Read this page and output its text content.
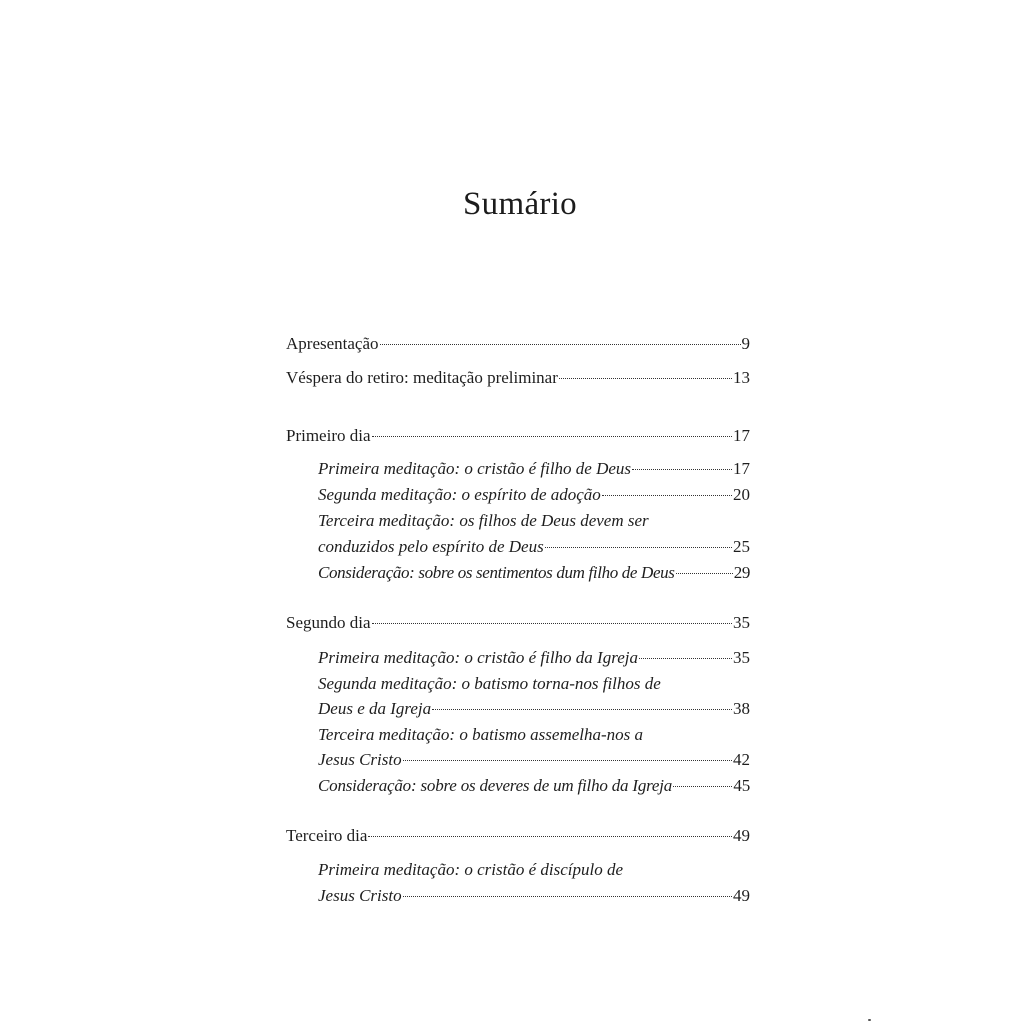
Sumário
Apresentação	9
Véspera do retiro: meditação preliminar	13
Primeiro dia	17
Primeira meditação: o cristão é filho de Deus	17
Segunda meditação: o espírito de adoção	20
Terceira meditação: os filhos de Deus devem ser
conduzidos pelo espírito de Deus	25
Consideração: sobre os sentimentos dum filho de Deus	29
Segundo dia	35
Primeira meditação: o cristão é filho da Igreja	35
Segunda meditação: o batismo torna-nos filhos de
Deus e da Igreja	38
Terceira meditação: o batismo assemelha-nos a
Jesus Cristo	42
Consideração: sobre os deveres de um filho da Igreja	45
Terceiro dia	49
Primeira meditação: o cristão é discípulo de
Jesus Cristo	49
